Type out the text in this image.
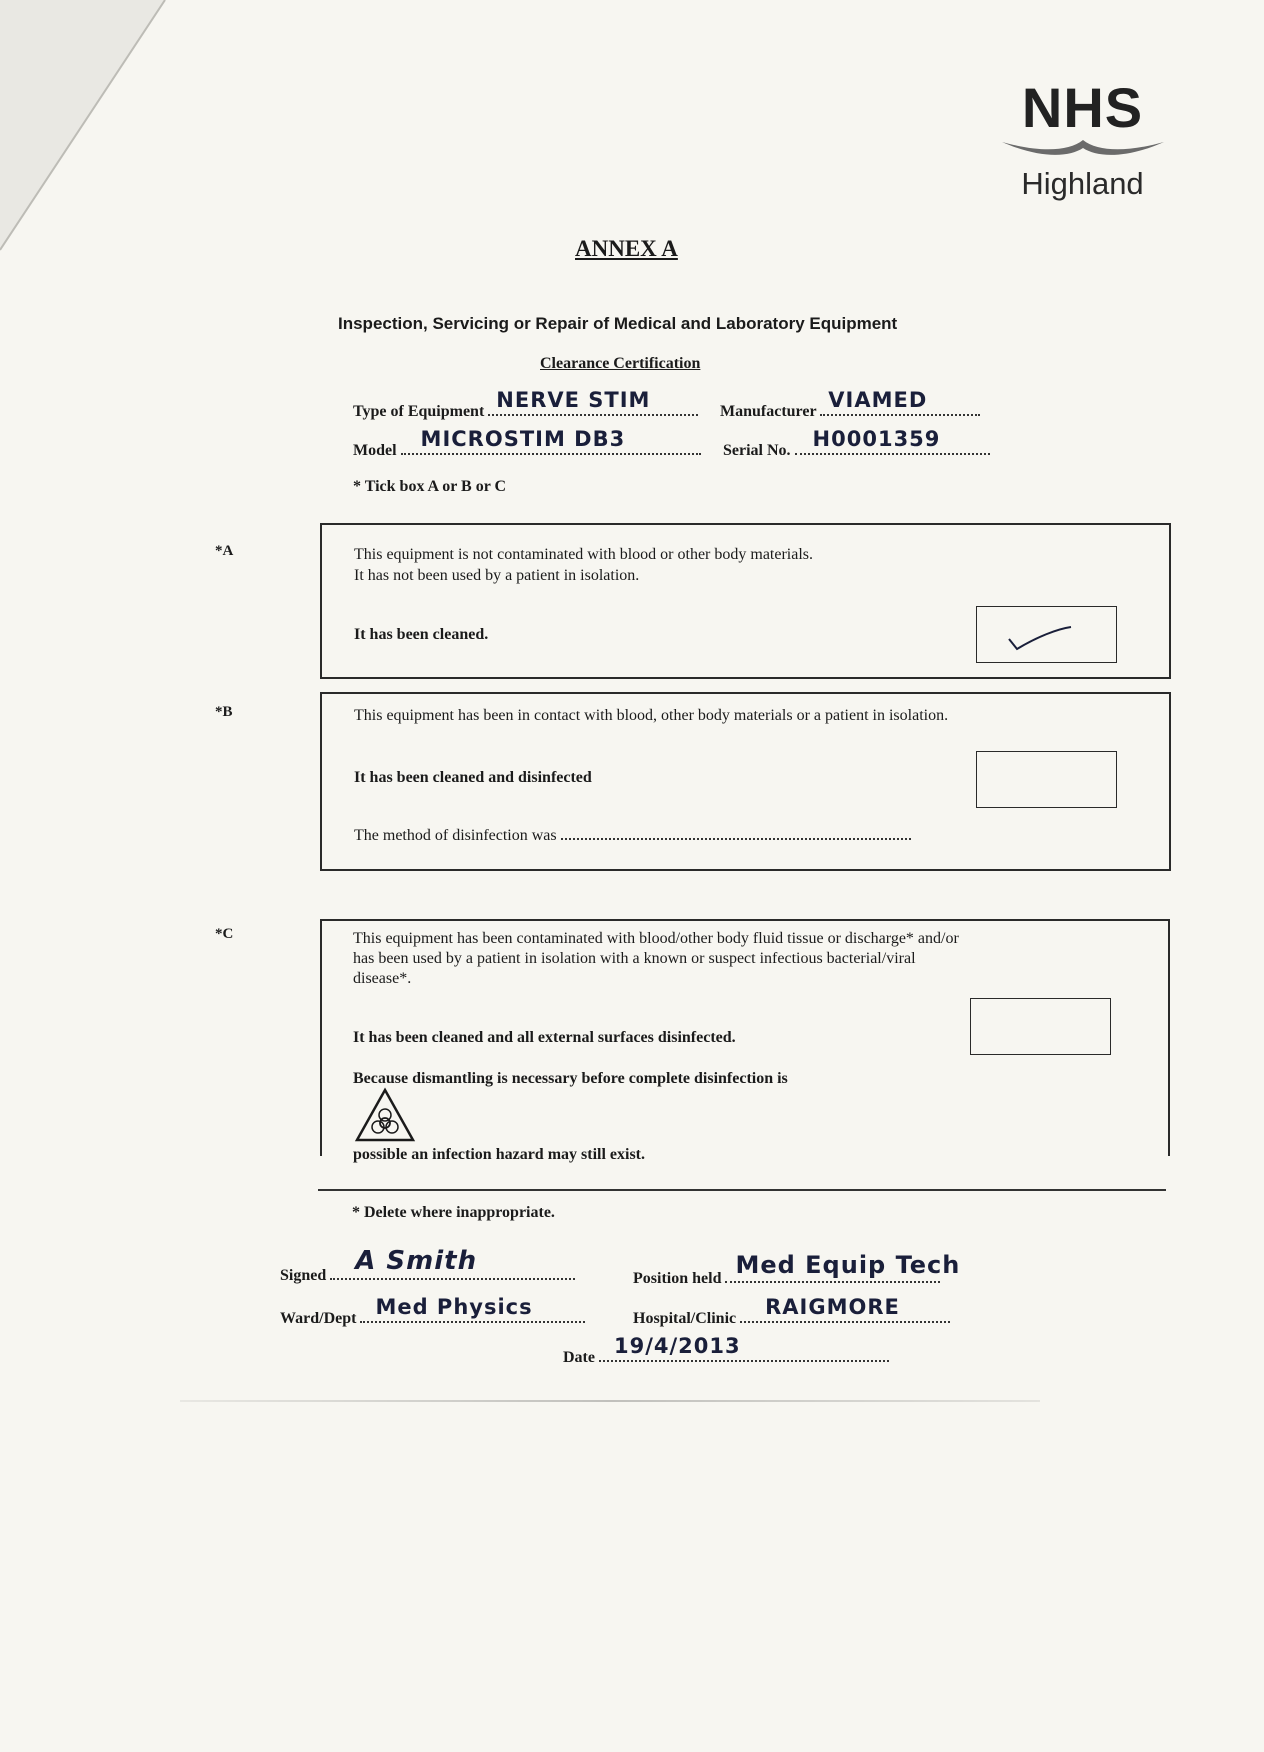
NHS
Highland
ANNEX A
Inspection, Servicing or Repair of Medical and Laboratory Equipment
Clearance Certification
Type of Equipment NERVE STIM	Manufacturer VIAMED
Model MICROSTIM DB3	Serial No. H0001359
* Tick box A or B or C
*A	This equipment is not contaminated with blood or other body materials.
It has not been used by a patient in isolation.
It has been cleaned.
*B	This equipment has been in contact with blood, other body materials or a patient in isolation.
It has been cleaned and disinfected
The method of disinfection was
*C	This equipment has been contaminated with blood/other body fluid tissue or discharge* and/or
has been used by a patient in isolation with a known or suspect infectious bacterial/viral
disease*.
It has been cleaned and all external surfaces disinfected.
Because dismantling is necessary before complete disinfection is
possible an infection hazard may still exist.
* Delete where inappropriate.
Signed A Smith
Position held Med Equip Tech
Ward/Dept Med Physics	Hospital/Clinic RAIGMORE
Date 19/4/2013
